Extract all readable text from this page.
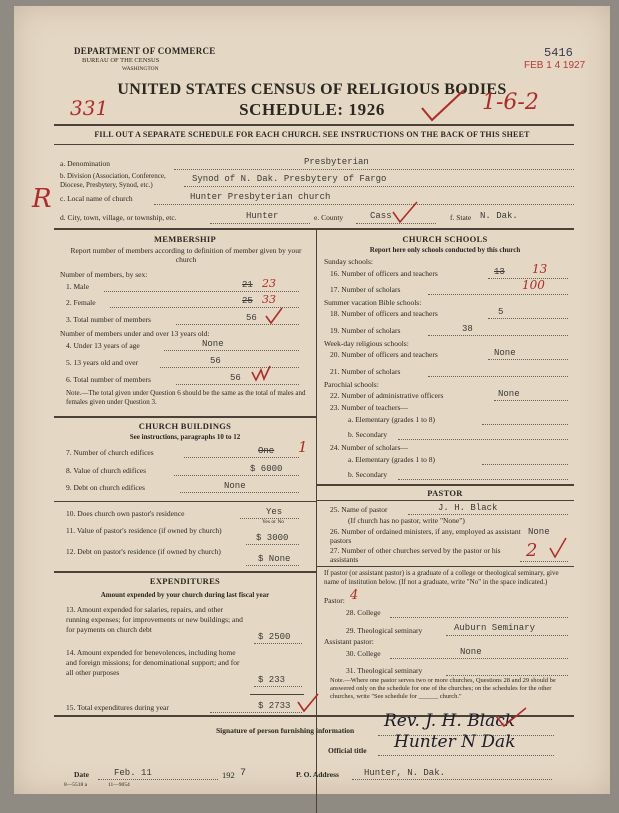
DEPARTMENT OF COMMERCE
BUREAU OF THE CENSUS
WASHINGTON
5416
FEB 1 4 1927
UNITED STATES CENSUS OF RELIGIOUS BODIES
SCHEDULE: 1926
331	1-6-2
R
FILL OUT A SEPARATE SCHEDULE FOR EACH CHURCH. SEE INSTRUCTIONS ON THE BACK OF THIS SHEET
a. Denomination	Presbyterian
b. Division (Association, Conference, Diocese, Presbytery, Synod, etc.)
Synod of N. Dak. Presbytery of Fargo
c. Local name of church	Hunter Presbyterian church
d. City, town, village, or township, etc.	Hunter	e. County	Cass	f. State N. Dak.
MEMBERSHIP
Report number of members according to definition of member given by your church
Number of members, by sex:
1. Male	21 23
2. Female	25 33
3. Total number of members	56
Number of members under and over 13 years old:
4. Under 13 years of age	None
5. 13 years old and over	56
6. Total number of members	56
Note.—The total given under Question 6 should be the same as the total of males and females given under Question 3.
CHURCH BUILDINGS
See instructions, paragraphs 10 to 12
7. Number of church edifices	One 1
8. Value of church edifices	$ 6000
9. Debt on church edifices	None
10. Does church own pastor's residence	Yes
Yes or No
11. Value of pastor's residence (if owned by church)
$ 3000
12. Debt on pastor's residence (if owned by church)
$ None
EXPENDITURES
Amount expended by your church during last fiscal year
13. Amount expended for salaries, repairs, and other running expenses; for improvements or new buildings; and for payments on church debt
$ 2500
14. Amount expended for benevolences, including home and foreign missions; for denominational support; and for all other purposes
$ 233
15. Total expenditures during year	$ 2733
CHURCH SCHOOLS
Report here only schools conducted by this church
Sunday schools:
16. Number of officers and teachers	13 13
17. Number of scholars	100
Summer vacation Bible schools:
18. Number of officers and teachers	5
19. Number of scholars	38
Week-day religious schools:
20. Number of officers and teachers	None
21. Number of scholars
Parochial schools:
22. Number of administrative officers	None
23. Number of teachers—
a. Elementary (grades 1 to 8)
b. Secondary
24. Number of scholars—
a. Elementary (grades 1 to 8)
b. Secondary
PASTOR
25. Name of pastor	J. H. Black
(If church has no pastor, write "None")
26. Number of ordained ministers, if any, employed as assistant pastors
None
27. Number of other churches served by the pastor or his assistants	2
If pastor (or assistant pastor) is a graduate of a college or theological seminary, give name of institution below. (If not a graduate, write "No" in the space indicated.)
Pastor: 4
28. College
29. Theological seminary	Auburn Seminary
Assistant pastor:
30. College	None
31. Theological seminary
Note.—Where one pastor serves two or more churches, Questions 28 and 29 should be answered only on the schedule for one of the churches; on the schedules for the other churches, write "See schedule for ______ church."
Signature of person furnishing information Rev. J. H. Black
Official title Hunter N Dak
Date	Feb. 11	192 7	P. O. Address	Hunter, N. Dak.
8—5518 a	11—9054
